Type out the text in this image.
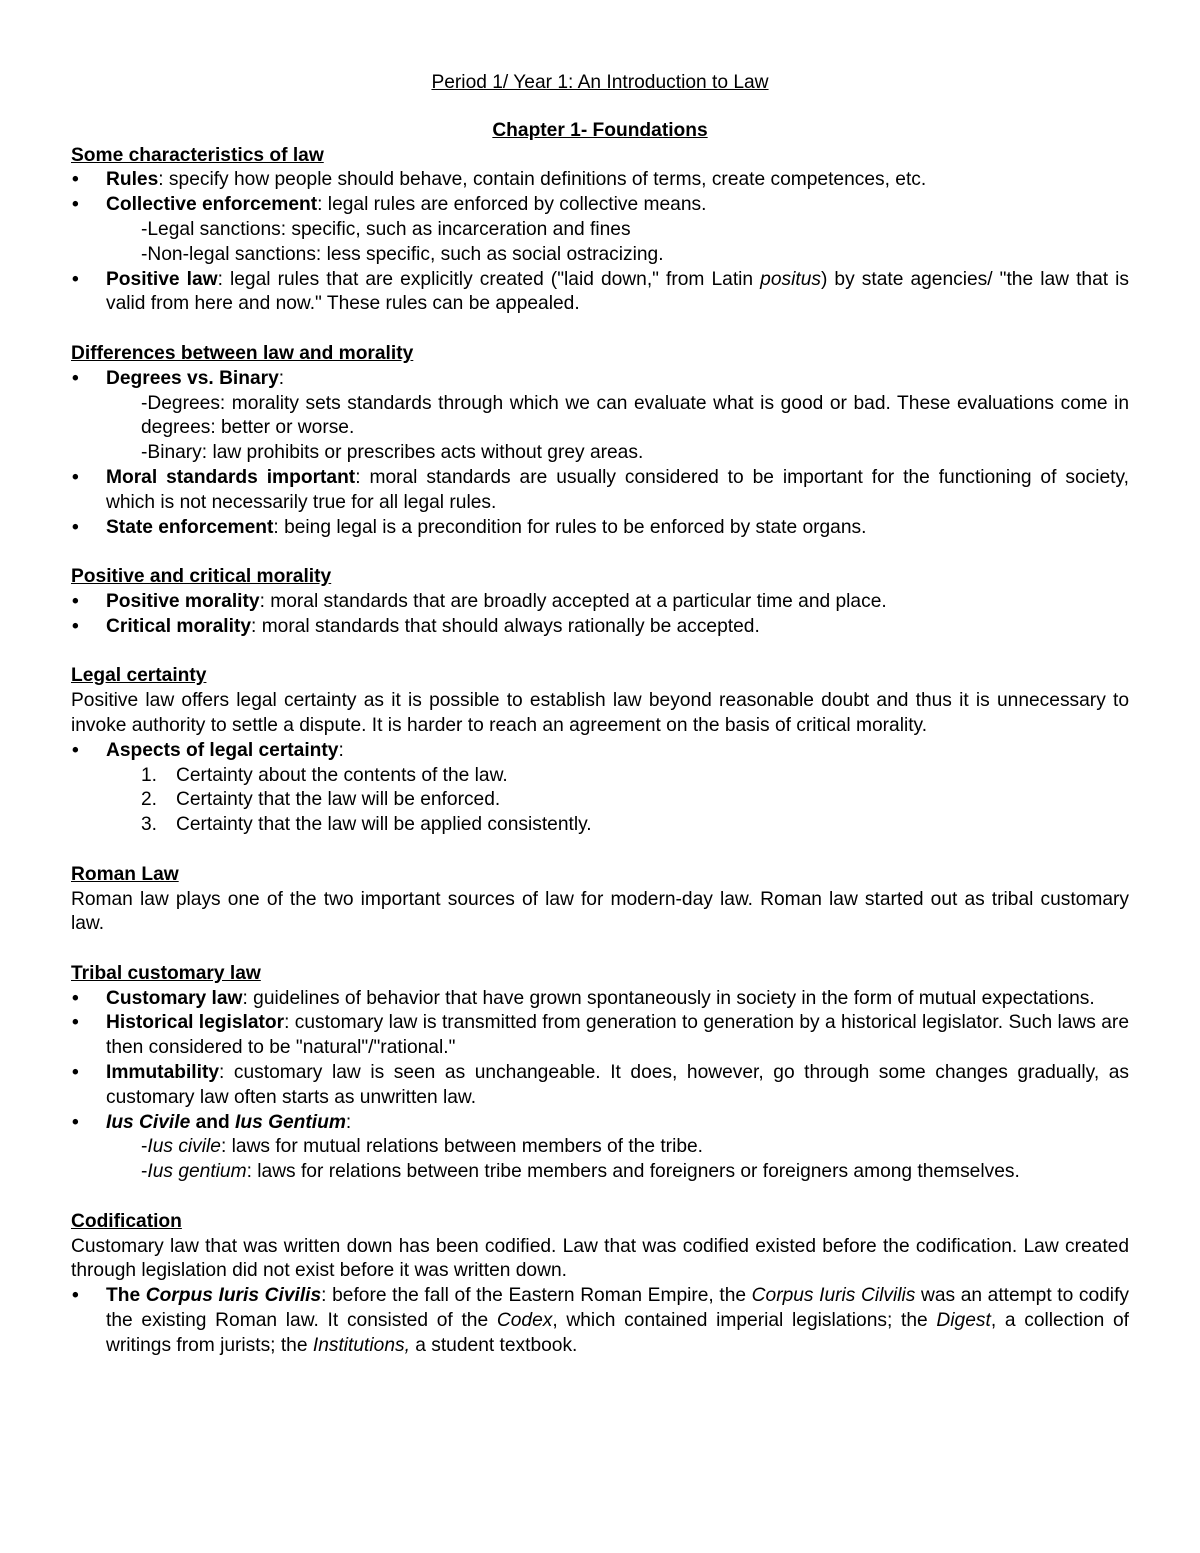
Period 1/ Year 1: An Introduction to Law

Chapter 1- Foundations

Some characteristics of law

• Rules: specify how people should behave, contain definitions of terms, create competences, etc.
• Collective enforcement: legal rules are enforced by collective means.

-Legal sanctions: specific, such as incarceration and fines

-Non-legal sanctions: less specific, such as social ostracizing.

• Positive law: legal rules that are explicitly created ("laid down," from Latin positus) by state agencies/ "the law that is valid from here and now." These rules can be appealed.

Differences between law and morality

• Degrees vs. Binary:

-Degrees: morality sets standards through which we can evaluate what is good or bad. These evaluations come in degrees: better or worse.

-Binary: law prohibits or prescribes acts without grey areas.

• Moral standards important: moral standards are usually considered to be important for the functioning of society, which is not necessarily true for all legal rules.
• State enforcement: being legal is a precondition for rules to be enforced by state organs.

Positive and critical morality

• Positive morality: moral standards that are broadly accepted at a particular time and place.
• Critical morality: moral standards that should always rationally be accepted.

Legal certainty

Positive law offers legal certainty as it is possible to establish law beyond reasonable doubt and thus it is unnecessary to invoke authority to settle a dispute. It is harder to reach an agreement on the basis of critical morality.

• Aspects of legal certainty:

1. Certainty about the contents of the law.

2. Certainty that the law will be enforced.

3. Certainty that the law will be applied consistently.

Roman Law

Roman law plays one of the two important sources of law for modern-day law. Roman law started out as tribal customary law.

Tribal customary law

• Customary law: guidelines of behavior that have grown spontaneously in society in the form of mutual expectations.
• Historical legislator: customary law is transmitted from generation to generation by a historical legislator. Such laws are then considered to be "natural"/"rational."
• Immutability: customary law is seen as unchangeable. It does, however, go through some changes gradually, as customary law often starts as unwritten law.
• Ius Civile and Ius Gentium:

-Ius civile: laws for mutual relations between members of the tribe.

-Ius gentium: laws for relations between tribe members and foreigners or foreigners among themselves.

Codification

Customary law that was written down has been codified. Law that was codified existed before the codification. Law created through legislation did not exist before it was written down.

• The Corpus Iuris Civilis: before the fall of the Eastern Roman Empire, the Corpus Iuris Cilvilis was an attempt to codify the existing Roman law. It consisted of the Codex, which contained imperial legislations; the Digest, a collection of writings from jurists; the Institutions, a student textbook.
